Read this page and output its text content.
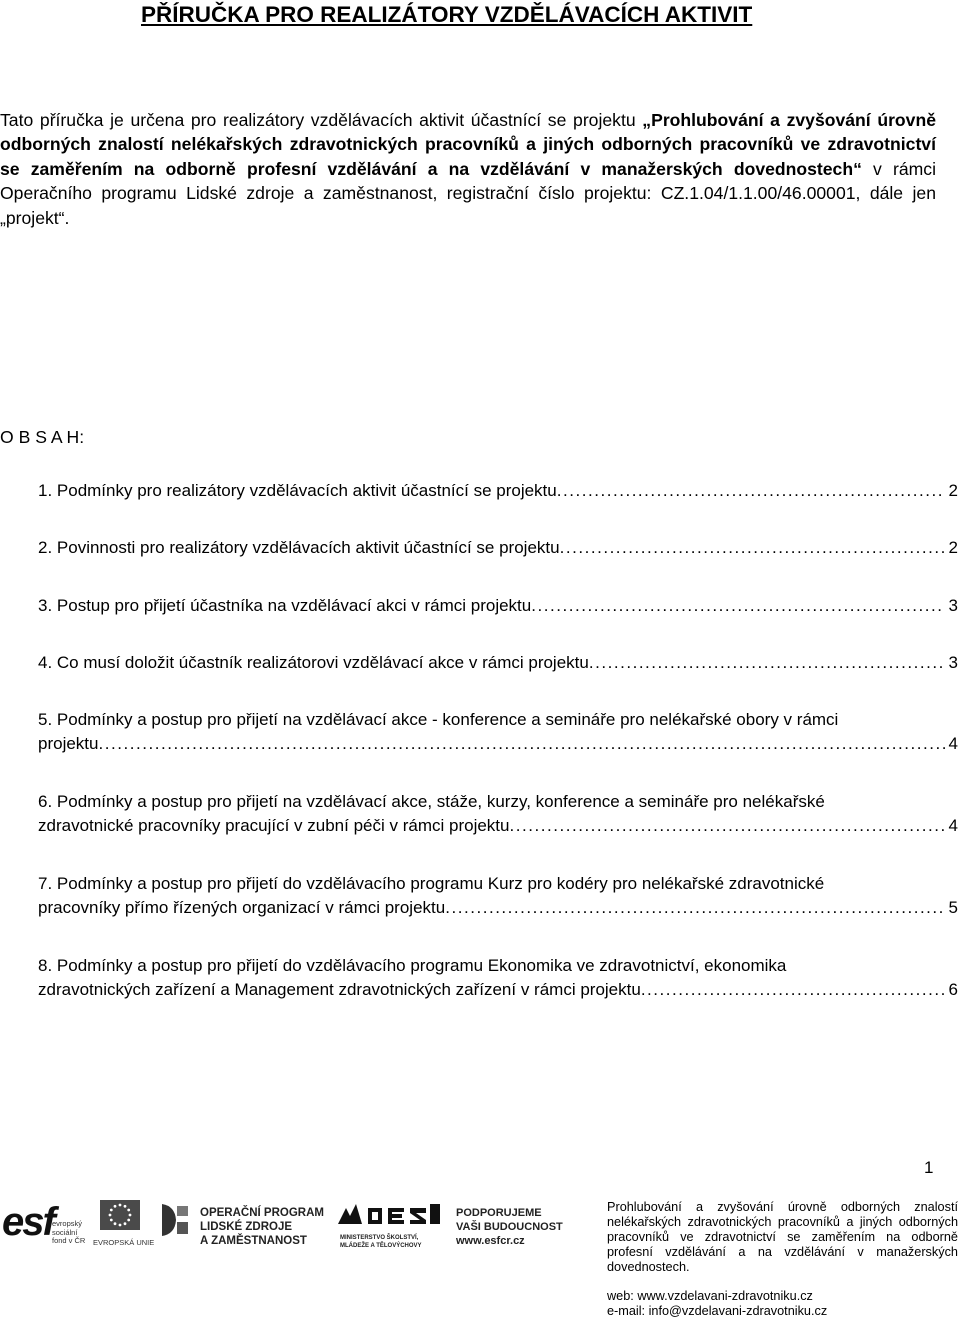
PŘÍRUČKA PRO REALIZÁTORY VZDĚLÁVACÍCH AKTIVIT

Tato příručka je určena pro realizátory vzdělávacích aktivit účastnící se projektu „Prohlubování a zvyšování úrovně odborných znalostí nelékařských zdravotnických pracovníků a jiných odborných pracovníků ve zdravotnictví se zaměřením na odborně profesní vzdělávání a na vzdělávání v manažerských dovednostech“ v rámci Operačního programu Lidské zdroje a zaměstnanost, registrační číslo projektu: CZ.1.04/1.1.00/46.00001, dále jen „projekt“.

O B S A H:

1. Podmínky pro realizátory vzdělávacích aktivit účastnící se projektu . . .	2
2. Povinnosti pro realizátory vzdělávacích aktivit účastnící se projektu . . .	2
3. Postup pro přijetí účastníka na vzdělávací akci v rámci projektu . . .	3
4. Co musí doložit účastník realizátorovi vzdělávací akce v rámci projektu . . .	3
5. Podmínky a postup pro přijetí na vzdělávací akce - konference a semináře pro nelékařské obory v rámci
projektu . . .	4
6. Podmínky a postup pro přijetí na vzdělávací akce, stáže, kurzy, konference a semináře pro nelékařské
zdravotnické pracovníky pracující v zubní péči v rámci projektu . . .	4
7. Podmínky a postup pro přijetí do vzdělávacího programu Kurz pro kodéry pro nelékařské zdravotnické
pracovníky přímo řízených organizací v rámci projektu . . .	5
8. Podmínky a postup pro přijetí do vzdělávacího programu Ekonomika ve zdravotnictví, ekonomika
zdravotnických zařízení a Management zdravotnických zařízení v rámci projektu . . .	6

1

esf
evropský sociální fond v ČR	EVROPSKÁ UNIE
OPERAČNÍ PROGRAM
LIDSKÉ ZDROJE
A ZAMĚSTNANOST	MINISTERSTVO ŠKOLSTVÍ,
MLÁDEŽE A TĚLOVÝCHOVY
PODPORUJEME
VAŠI BUDOUCNOST
www.esfcr.cz

Prohlubování a zvyšování úrovně odborných znalostí nelékařských zdravotnických pracovníků a jiných odborných pracovníků ve zdravotnictví se zaměřením na odborně profesní vzdělávání a na vzdělávání v manažerských dovednostech.

web: www.vzdelavani-zdravotniku.cz

e-mail: info@vzdelavani-zdravotniku.cz
